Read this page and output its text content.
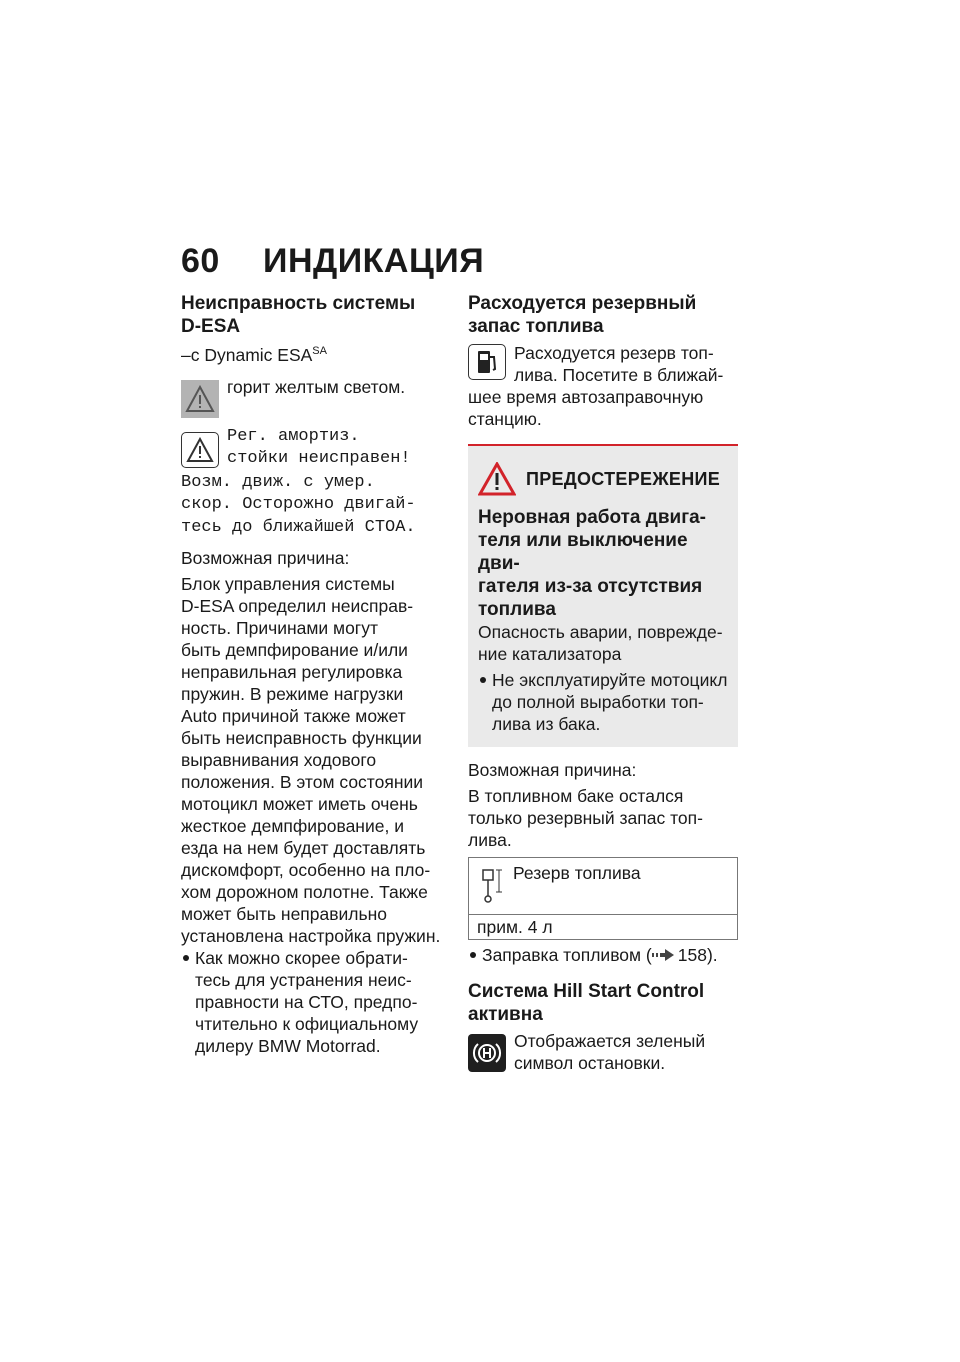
60	ИНДИКАЦИЯ

Неисправность системы

D-ESA

–с Dynamic $ESA^{SA}$

горит желтым светом.

Рег. амортиз.

стойки неисправен!

Возм. движ. с умер.

скор. Осторожно двигай-

тесь до ближайшей СТОА.

Возможная причина:

Блок управления системы

D-ESA определил неисправ-

ность. Причинами могут

быть демпфирование и/или

неправильная регулировка

пружин. В режиме нагрузки

Auto причиной также может

быть неисправность функции

выравнивания ходового

положения. В этом состоянии

мотоцикл может иметь очень

жесткое демпфирование, и

езда на нем будет доставлять

дискомфорт, особенно на пло-

хом дорожном полотне. Также

может быть неправильно

установлена настройка пружин.

Как можно скорее обрати-

тесь для устранения неис-

правности на СТО, предпо-

чтительно к официальному

дилеру BMW Motorrad.

Расходуется резервный

запас топлива

Расходуется резерв топ-

лива. Посетите в ближай-

шее время автозаправочную

станцию.

ПРЕДОСТЕРЕЖЕНИЕ

Неровная работа двига-

теля или выключение дви-

гателя из-за отсутствия

топлива

Опасность аварии, поврежде-

ние катализатора

Не эксплуатируйте мотоцикл

до полной выработки топ-

лива из бака.

Возможная причина:

В топливном баке остался

только резервный запас топ-

лива.

Резерв топлива
прим. 4 л

Заправка топливом ( 158).

Система Hill Start Control

активна

Отображается зеленый

символ остановки.
